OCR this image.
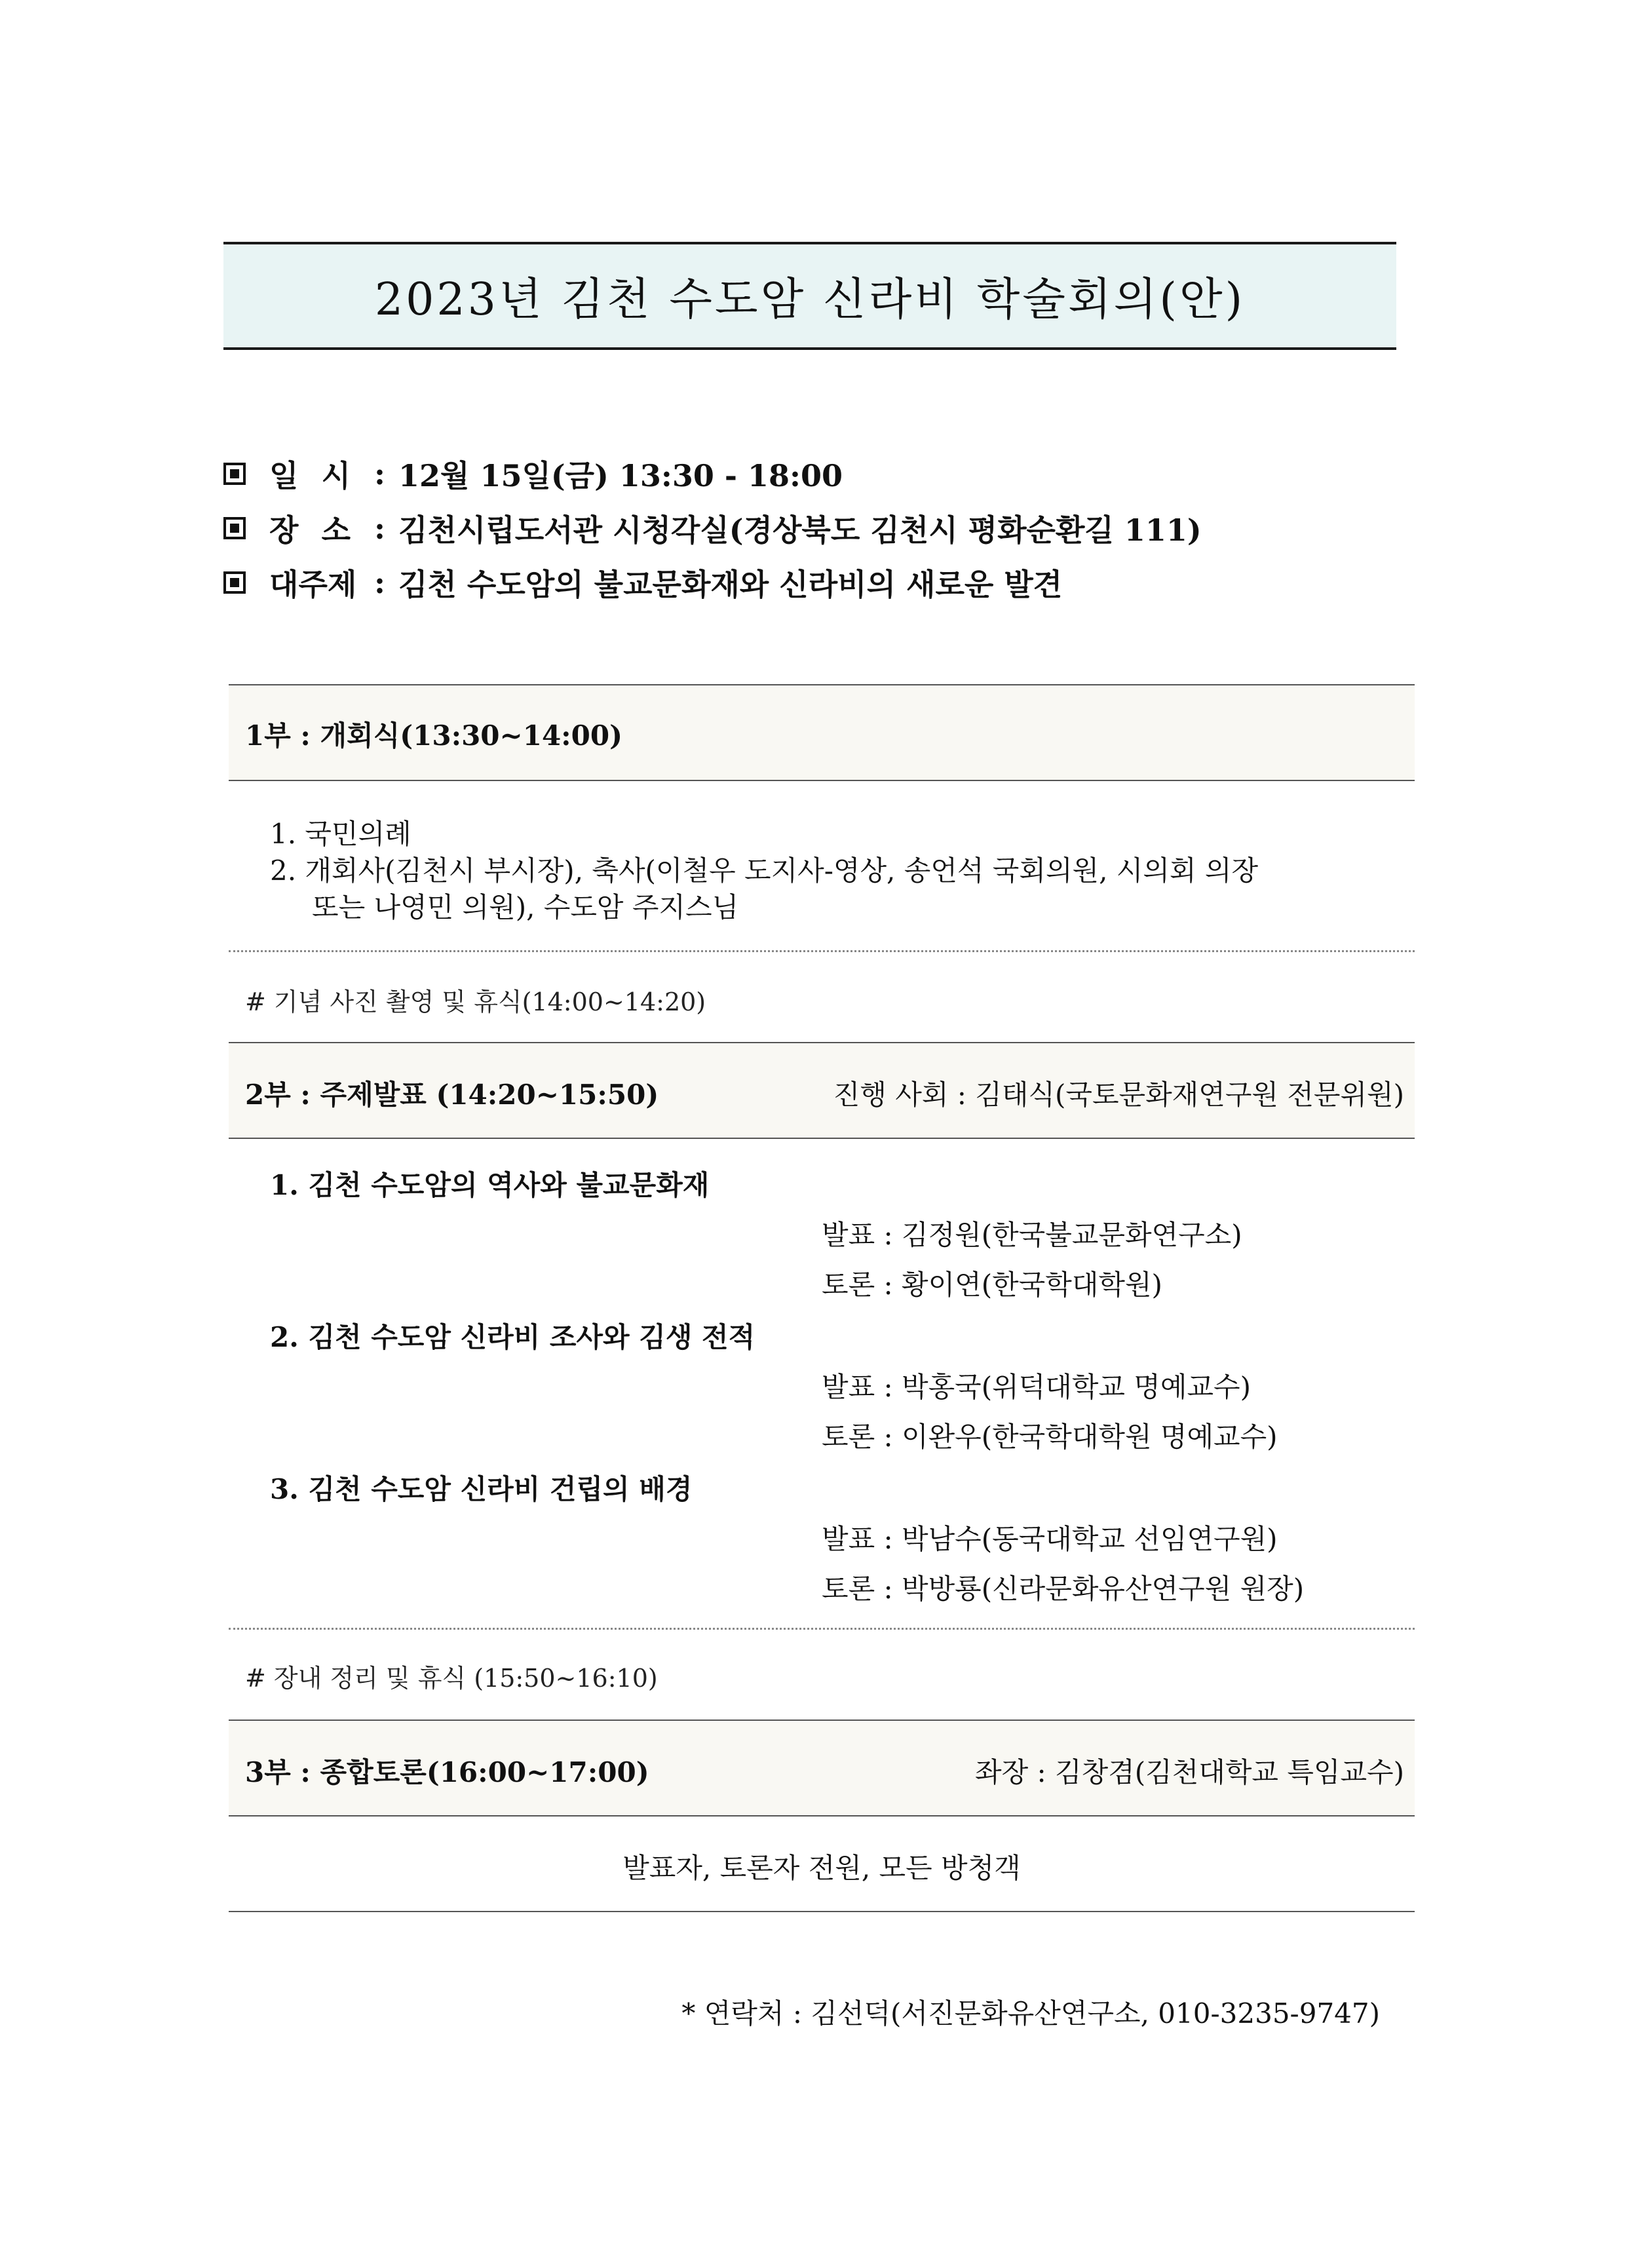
2023년 김천 수도암 신라비 학술회의(안)
일 시 : 12월 15일(금) 13:30 - 18:00
장 소 : 김천시립도서관 시청각실(경상북도 김천시 평화순환길 111)
대 주 제 : 김천 수도암의 불교문화재와 신라비의 새로운 발견
1부 : 개회식(13:30~14:00)
1. 국민의례
2. 개회사(김천시 부시장), 축사(이철우 도지사-영상, 송언석 국회의원, 시의회 의장
또는 나영민 의원), 수도암 주지스님
# 기념 사진 촬영 및 휴식(14:00~14:20)
2부 : 주제발표 (14:20~15:50)	진행 사회 : 김태식(국토문화재연구원 전문위원)
1. 김천 수도암의 역사와 불교문화재
발표 : 김정원(한국불교문화연구소)
토론 : 황이연(한국학대학원)
2. 김천 수도암 신라비 조사와 김생 전적
발표 : 박홍국(위덕대학교 명예교수)
토론 : 이완우(한국학대학원 명예교수)
3. 김천 수도암 신라비 건립의 배경
발표 : 박남수(동국대학교 선임연구원)
토론 : 박방룡(신라문화유산연구원 원장)
# 장내 정리 및 휴식 (15:50~16:10)
3부 : 종합토론(16:00~17:00)	좌장 : 김창겸(김천대학교 특임교수)
발표자, 토론자 전원, 모든 방청객
* 연락처 : 김선덕(서진문화유산연구소, 010-3235-9747)
